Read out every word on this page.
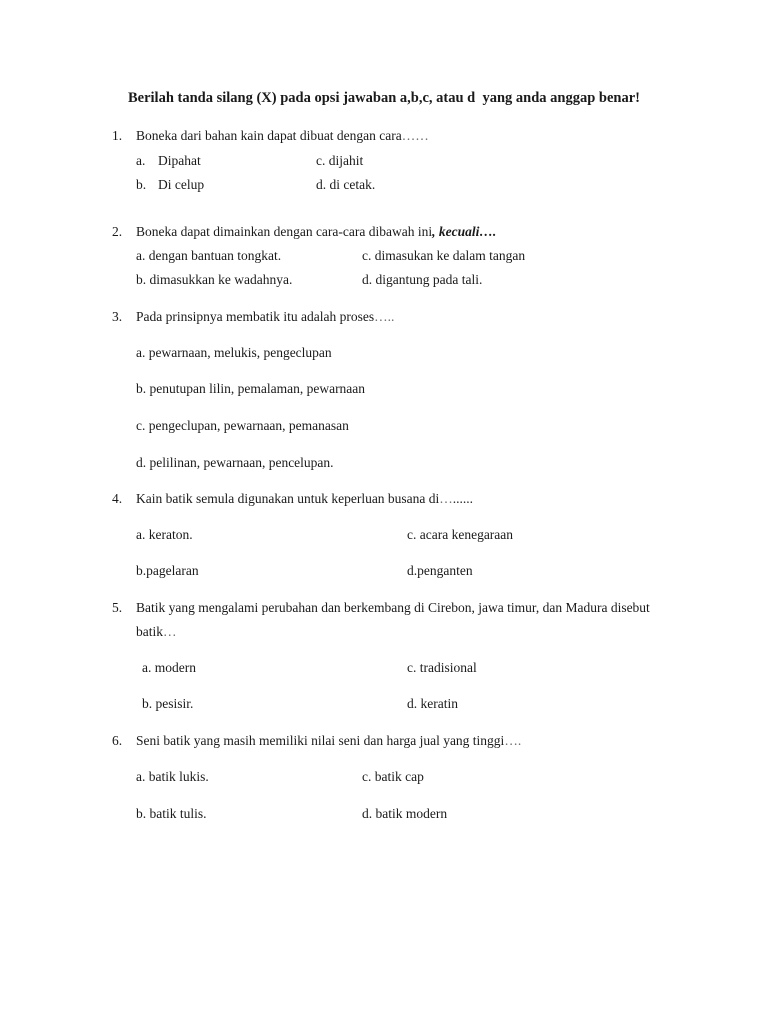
Berilah tanda silang (X) pada opsi jawaban a,b,c, atau d  yang anda anggap benar!
1. Boneka dari bahan kain dapat dibuat dengan cara……
a. Dipahat
b. Di celup
c. dijahit
d. di cetak.
2. Boneka dapat dimainkan dengan cara-cara dibawah ini, kecuali….
a. dengan bantuan tongkat.
b. dimasukkan ke wadahnya.
c. dimasukan ke dalam tangan
d. digantung pada tali.
3. Pada prinsipnya membatik itu adalah proses…..
a. pewarnaan, melukis, pengeclupan
b. penutupan lilin, pemalaman, pewarnaan
c. pengeclupan, pewarnaan, pemanasan
d. pelilinan, pewarnaan, pencelupan.
4. Kain batik semula digunakan untuk keperluan busana di…......
a. keraton.
b.pagelaran
c. acara kenegaraan
d.penganten
5. Batik yang mengalami perubahan dan berkembang di Cirebon, jawa timur, dan Madura disebut
batik…
a. modern
b. pesisir.
c. tradisional
d. keratin
6. Seni batik yang masih memiliki nilai seni dan harga jual yang tinggi….
a. batik lukis.
b. batik tulis.
c. batik cap
d. batik modern
